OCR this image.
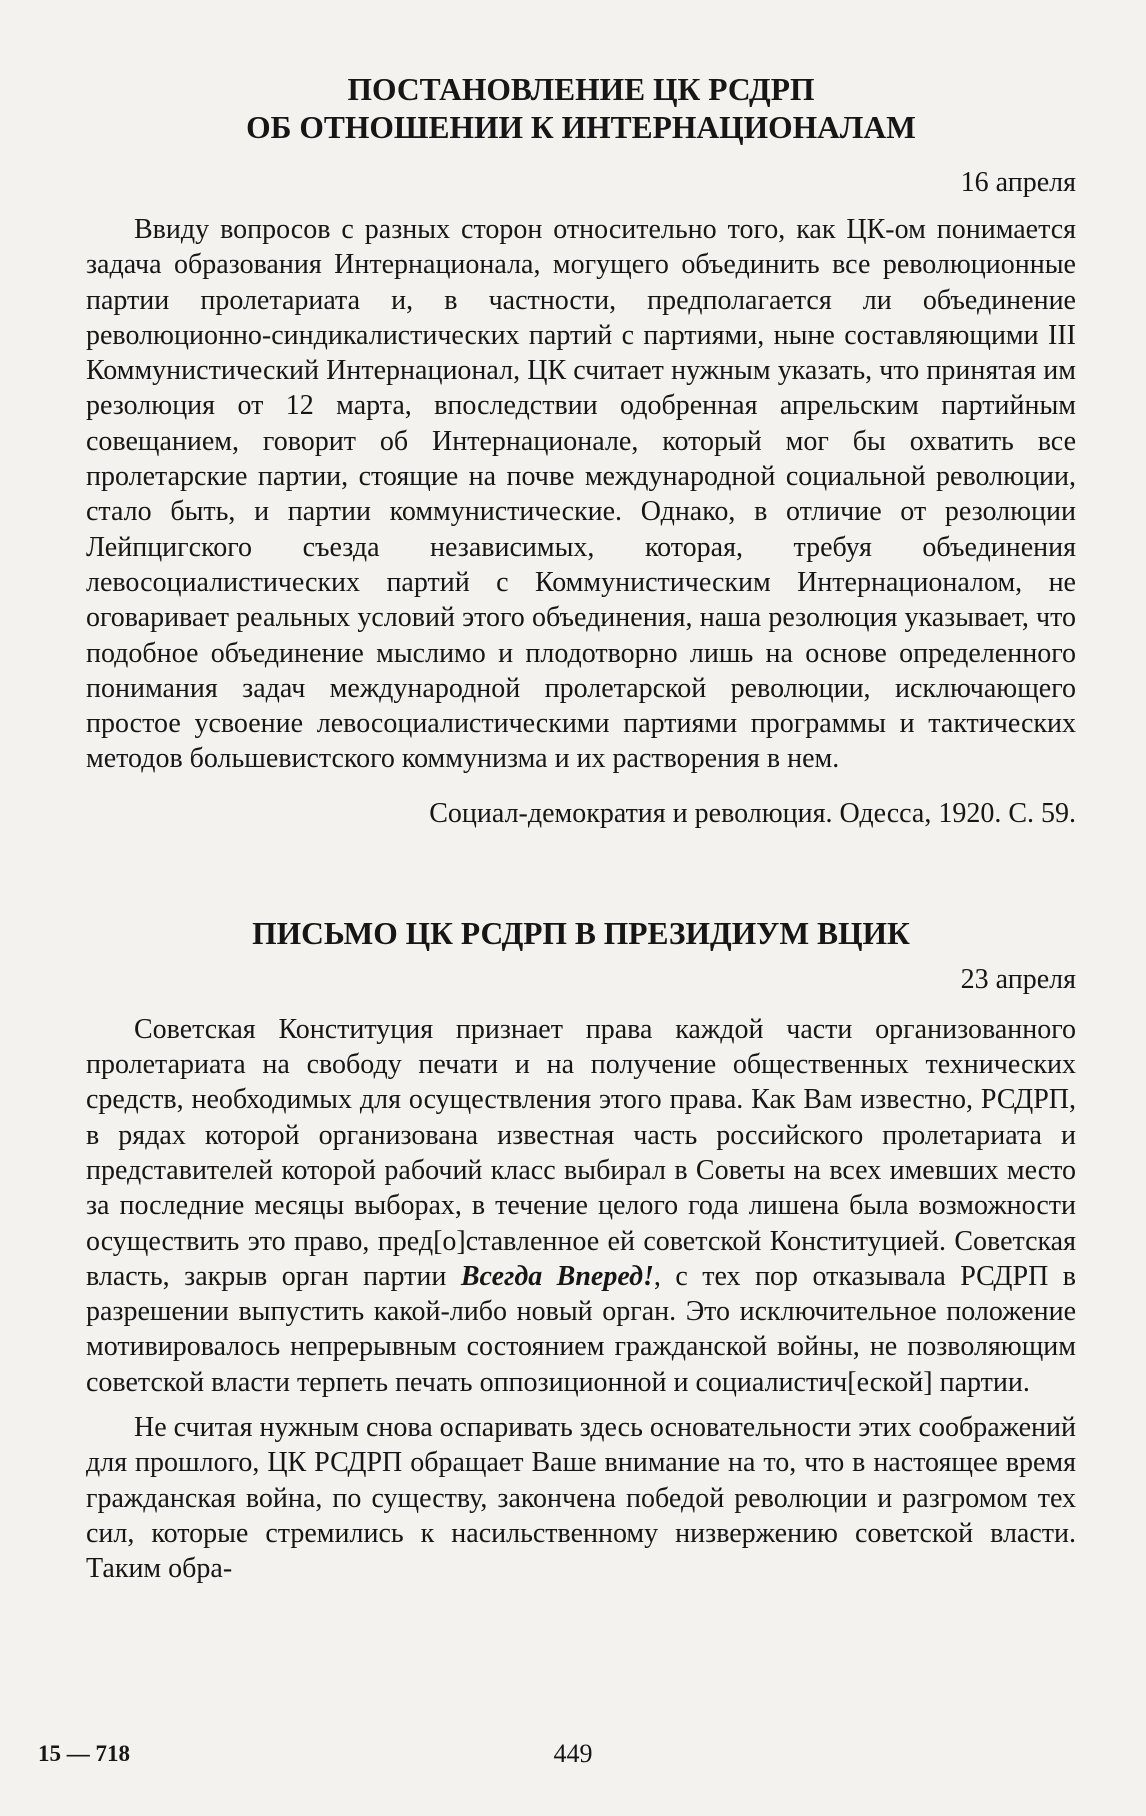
ПОСТАНОВЛЕНИЕ ЦК РСДРП
ОБ ОТНОШЕНИИ К ИНТЕРНАЦИОНАЛАМ

16 апреля

Ввиду вопросов с разных сторон относительно того, как ЦК-ом понимается задача образования Интернационала, могущего объединить все революционные партии пролетариата и, в частности, предполагается ли объединение революционно-синдикалистических партий с партиями, ныне составляющими III Коммунистический Интернационал, ЦК считает нужным указать, что принятая им резолюция от 12 марта, впоследствии одобренная апрельским партийным совещанием, говорит об Интернационале, который мог бы охватить все пролетарские партии, стоящие на почве международной социальной революции, стало быть, и партии коммунистические. Однако, в отличие от резолюции Лейпцигского съезда независимых, которая, требуя объединения левосоциалистических партий с Коммунистическим Интернационалом, не оговаривает реальных условий этого объединения, наша резолюция указывает, что подобное объединение мыслимо и плодотворно лишь на основе определенного понимания задач международной пролетарской революции, исключающего простое усвоение левосоциалистическими партиями программы и тактических методов большевистского коммунизма и их растворения в нем.

Социал-демократия и революция. Одесса, 1920. С. 59.

ПИСЬМО ЦК РСДРП В ПРЕЗИДИУМ ВЦИК

23 апреля

Советская Конституция признает права каждой части организованного пролетариата на свободу печати и на получение общественных технических средств, необходимых для осуществления этого права. Как Вам известно, РСДРП, в рядах которой организована известная часть российского пролетариата и представителей которой рабочий класс выбирал в Советы на всех имевших место за последние месяцы выборах, в течение целого года лишена была возможности осуществить это право, пред[о]ставленное ей советской Конституцией. Советская власть, закрыв орган партии Всегда Вперед!, с тех пор отказывала РСДРП в разрешении выпустить какой-либо новый орган. Это исключительное положение мотивировалось непрерывным состоянием гражданской войны, не позволяющим советской власти терпеть печать оппозиционной и социалистич[еской] партии.

Не считая нужным снова оспаривать здесь основательности этих соображений для прошлого, ЦК РСДРП обращает Ваше внимание на то, что в настоящее время гражданская война, по существу, закончена победой революции и разгромом тех сил, которые стремились к насильственному низвержению советской власти. Таким обра-

15 — 718	449
